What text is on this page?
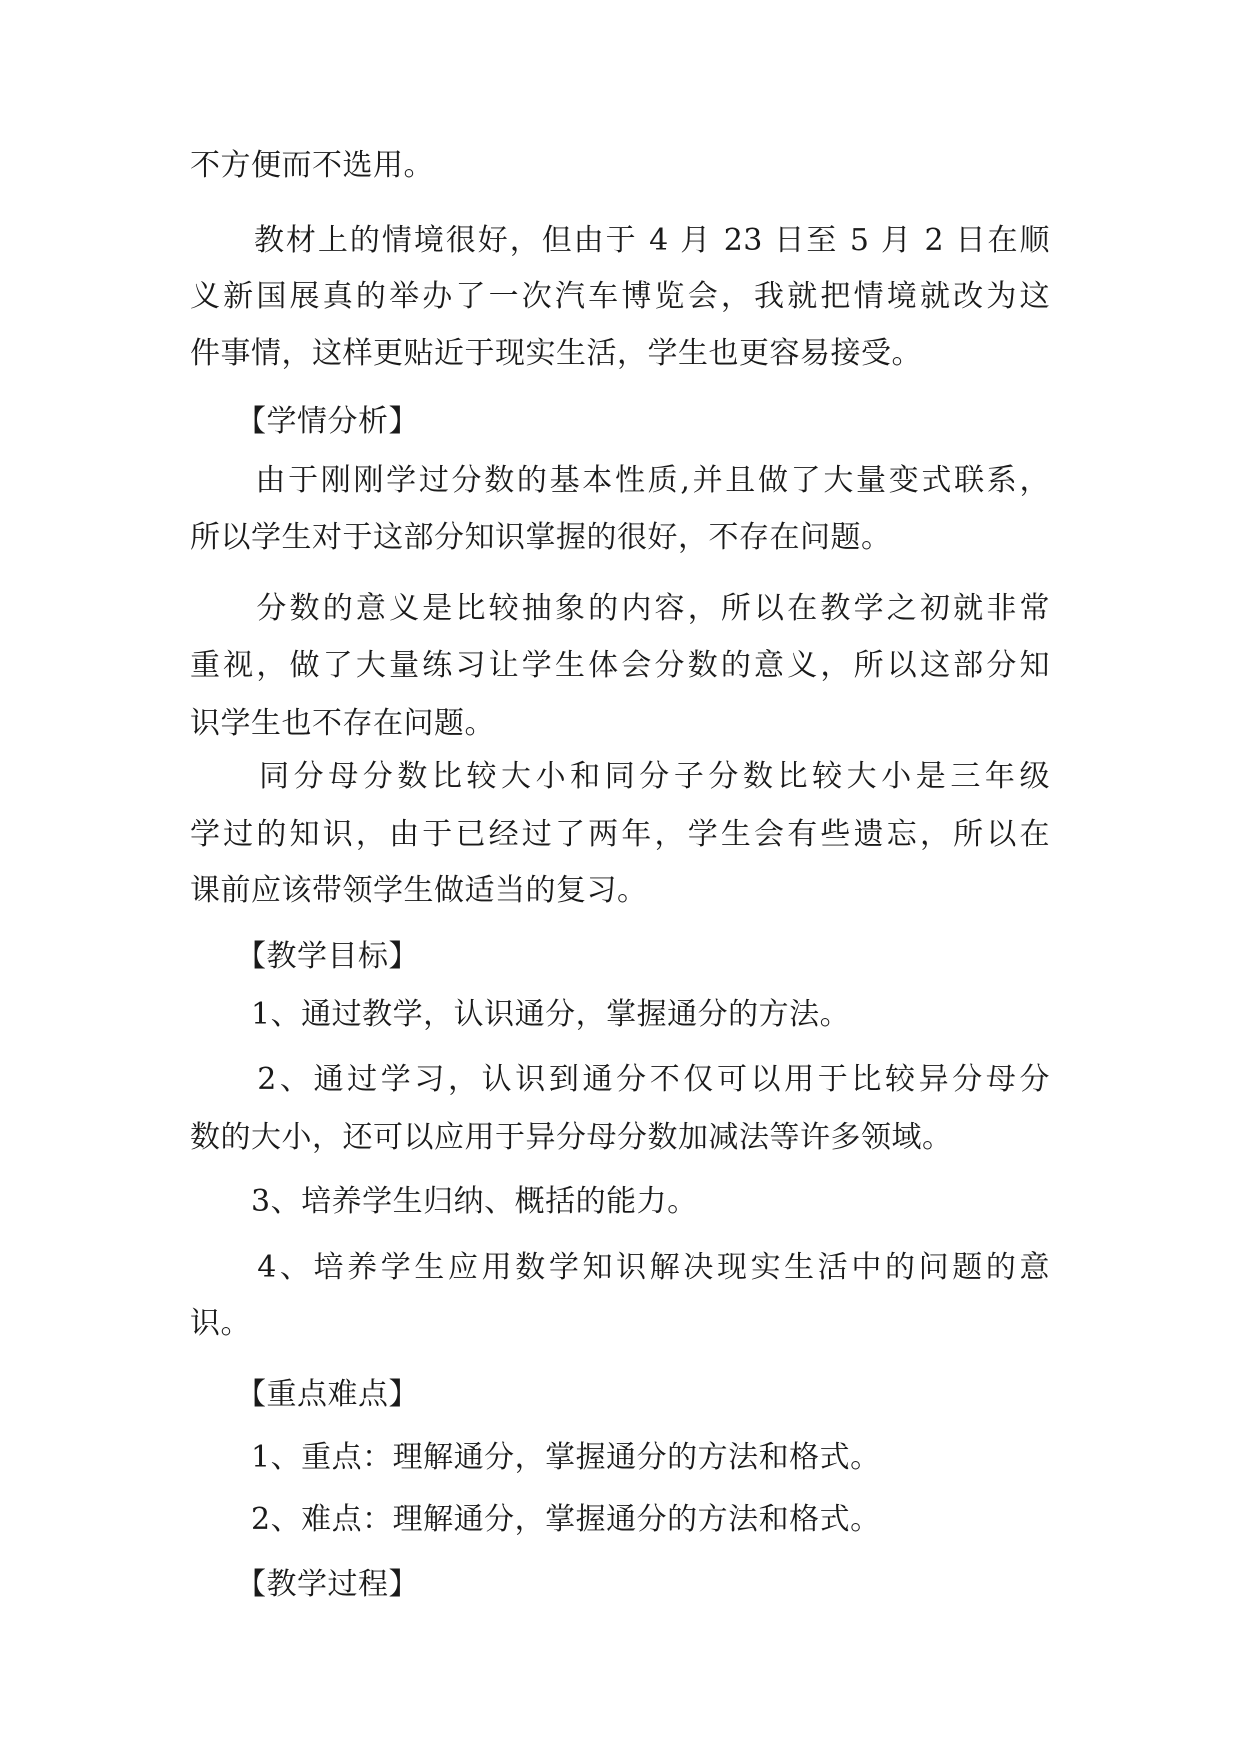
不方便而不选用。
　　教材上的情境很好，但由于 4 月 23 日至 5 月 2 日在顺
义新国展真的举办了一次汽车博览会，我就把情境就改为这
件事情，这样更贴近于现实生活，学生也更容易接受。
　　【学情分析】
　　由于刚刚学过分数的基本性质,并且做了大量变式联系，
所以学生对于这部分知识掌握的很好，不存在问题。
　　分数的意义是比较抽象的内容，所以在教学之初就非常
重视，做了大量练习让学生体会分数的意义，所以这部分知
识学生也不存在问题。
　　同分母分数比较大小和同分子分数比较大小是三年级
学过的知识，由于已经过了两年，学生会有些遗忘，所以在
课前应该带领学生做适当的复习。
　　【教学目标】
　　1、通过教学，认识通分，掌握通分的方法。
　　2、通过学习，认识到通分不仅可以用于比较异分母分
数的大小，还可以应用于异分母分数加减法等许多领域。
　　3、培养学生归纳、概括的能力。
　　4、培养学生应用数学知识解决现实生活中的问题的意
识。
　　【重点难点】
　　1、重点：理解通分，掌握通分的方法和格式。
　　2、难点：理解通分，掌握通分的方法和格式。
　　【教学过程】
